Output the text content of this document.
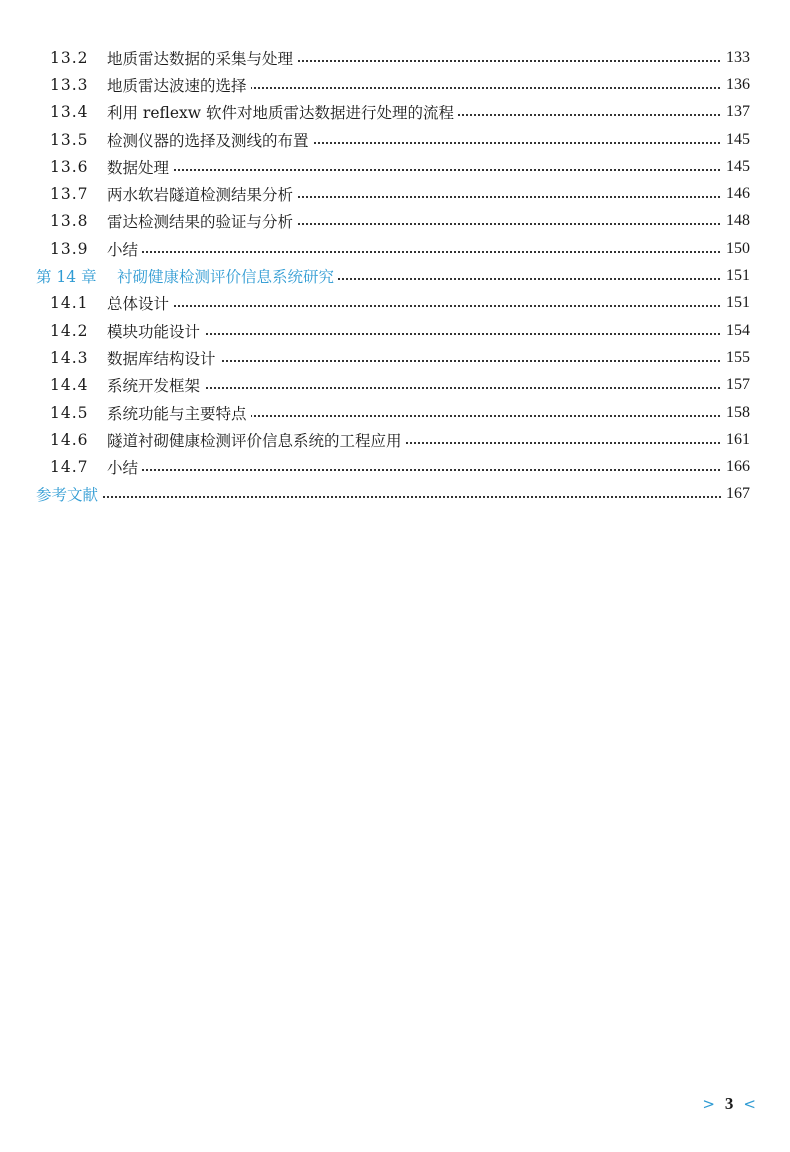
13.2	地质雷达数据的采集与处理	133
13.3	地质雷达波速的选择	136
13.4	利用 reflexw 软件对地质雷达数据进行处理的流程	137
13.5	检测仪器的选择及测线的布置	145
13.6	数据处理	145
13.7	两水软岩隧道检测结果分析	146
13.8	雷达检测结果的验证与分析	148
13.9	小结	150
第 14 章	衬砌健康检测评价信息系统研究	151
14.1	总体设计	151
14.2	模块功能设计	154
14.3	数据库结构设计	155
14.4	系统开发框架	157
14.5	系统功能与主要特点	158
14.6	隧道衬砌健康检测评价信息系统的工程应用	161
14.7	小结	166
参考文献	167
> 3 <
